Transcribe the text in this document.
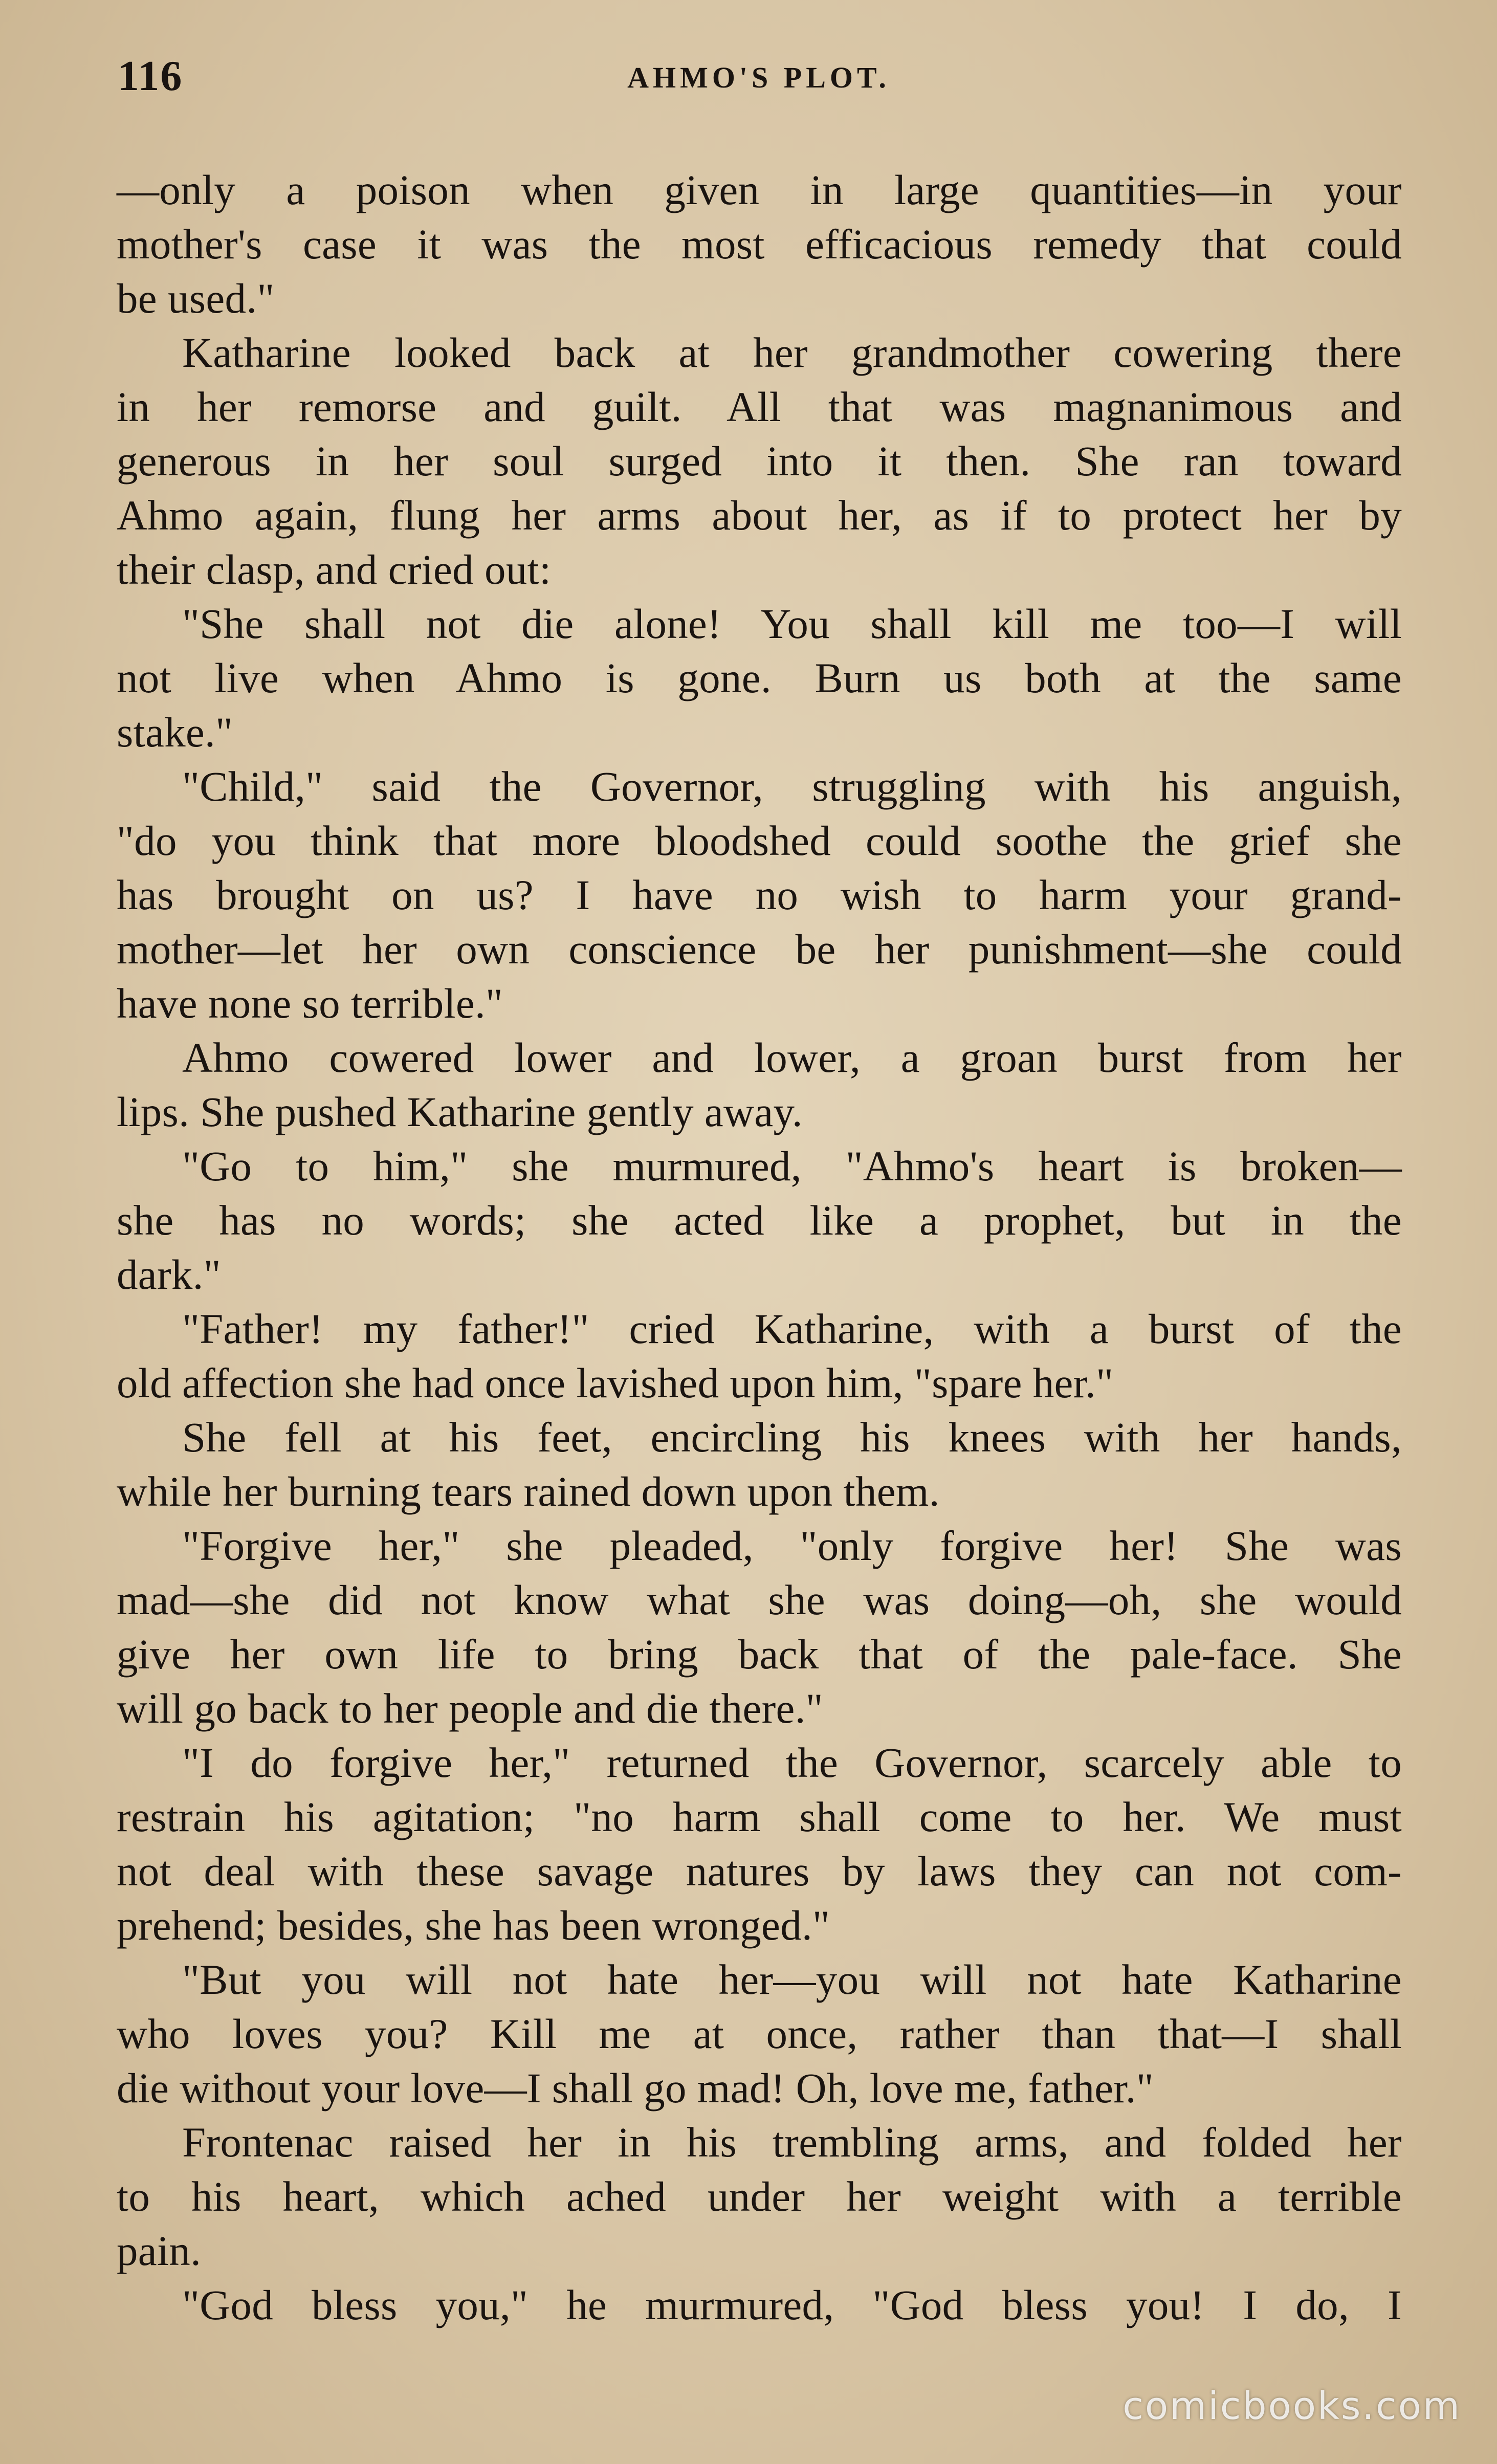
116	AHMO'S PLOT.
—only a poison when given in large quantities—in your
mother's case it was the most efficacious remedy that could
be used."
Katharine looked back at her grandmother cowering there
in her remorse and guilt. All that was magnanimous and
generous in her soul surged into it then. She ran toward
Ahmo again, flung her arms about her, as if to protect her by
their clasp, and cried out:
"She shall not die alone! You shall kill me too—I will
not live when Ahmo is gone. Burn us both at the same
stake."
"Child," said the Governor, struggling with his anguish,
"do you think that more bloodshed could soothe the grief she
has brought on us? I have no wish to harm your grand-
mother—let her own conscience be her punishment—she could
have none so terrible."
Ahmo cowered lower and lower, a groan burst from her
lips. She pushed Katharine gently away.
"Go to him," she murmured, "Ahmo's heart is broken—
she has no words; she acted like a prophet, but in the
dark."
"Father! my father!" cried Katharine, with a burst of the
old affection she had once lavished upon him, "spare her."
She fell at his feet, encircling his knees with her hands,
while her burning tears rained down upon them.
"Forgive her," she pleaded, "only forgive her! She was
mad—she did not know what she was doing—oh, she would
give her own life to bring back that of the pale-face. She
will go back to her people and die there."
"I do forgive her," returned the Governor, scarcely able to
restrain his agitation; "no harm shall come to her. We must
not deal with these savage natures by laws they can not com-
prehend; besides, she has been wronged."
"But you will not hate her—you will not hate Katharine
who loves you? Kill me at once, rather than that—I shall
die without your love—I shall go mad! Oh, love me, father."
Frontenac raised her in his trembling arms, and folded her
to his heart, which ached under her weight with a terrible
pain.
"God bless you," he murmured, "God bless you! I do, I
comicbooks.com
